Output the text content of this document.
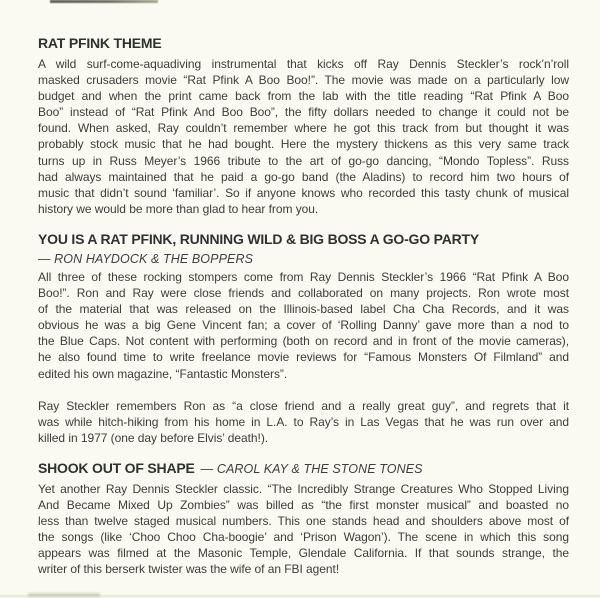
RAT PFINK THEME
A wild surf-come-aquadiving instrumental that kicks off Ray Dennis Steckler’s rock’n’roll
masked crusaders movie “Rat Pfink A Boo Boo!”. The movie was made on a particularly low
budget and when the print came back from the lab with the title reading “Rat Pfink A Boo
Boo” instead of “Rat Pfink And Boo Boo”, the fifty dollars needed to change it could not be
found. When asked, Ray couldn’t remember where he got this track from but thought it was
probably stock music that he had bought. Here the mystery thickens as this very same track
turns up in Russ Meyer’s 1966 tribute to the art of go-go dancing, “Mondo Topless”. Russ
had always maintained that he paid a go-go band (the Aladins) to record him two hours of
music that didn’t sound ‘familiar’. So if anyone knows who recorded this tasty chunk of musical
history we would be more than glad to hear from you.
YOU IS A RAT PFINK, RUNNING WILD & BIG BOSS A GO-GO PARTY
— RON HAYDOCK & THE BOPPERS
All three of these rocking stompers come from Ray Dennis Steckler’s 1966 “Rat Pfink A Boo
Boo!”. Ron and Ray were close friends and collaborated on many projects. Ron wrote most
of the material that was released on the Illinois-based label Cha Cha Records, and it was
obvious he was a big Gene Vincent fan; a cover of ‘Rolling Danny’ gave more than a nod to
the Blue Caps. Not content with performing (both on record and in front of the movie cameras),
he also found time to write freelance movie reviews for “Famous Monsters Of Filmland” and
edited his own magazine, “Fantastic Monsters”.
Ray Steckler remembers Ron as “a close friend and a really great guy”, and regrets that it
was while hitch-hiking from his home in L.A. to Ray’s in Las Vegas that he was run over and
killed in 1977 (one day before Elvis’ death!).
SHOOK OUT OF SHAPE — CAROL KAY & THE STONE TONES
Yet another Ray Dennis Steckler classic. “The Incredibly Strange Creatures Who Stopped Living
And Became Mixed Up Zombies” was billed as “the first monster musical” and boasted no
less than twelve staged musical numbers. This one stands head and shoulders above most of
the songs (like ‘Choo Choo Cha-boogie’ and ‘Prison Wagon’). The scene in which this song
appears was filmed at the Masonic Temple, Glendale California. If that sounds strange, the
writer of this berserk twister was the wife of an FBI agent!
